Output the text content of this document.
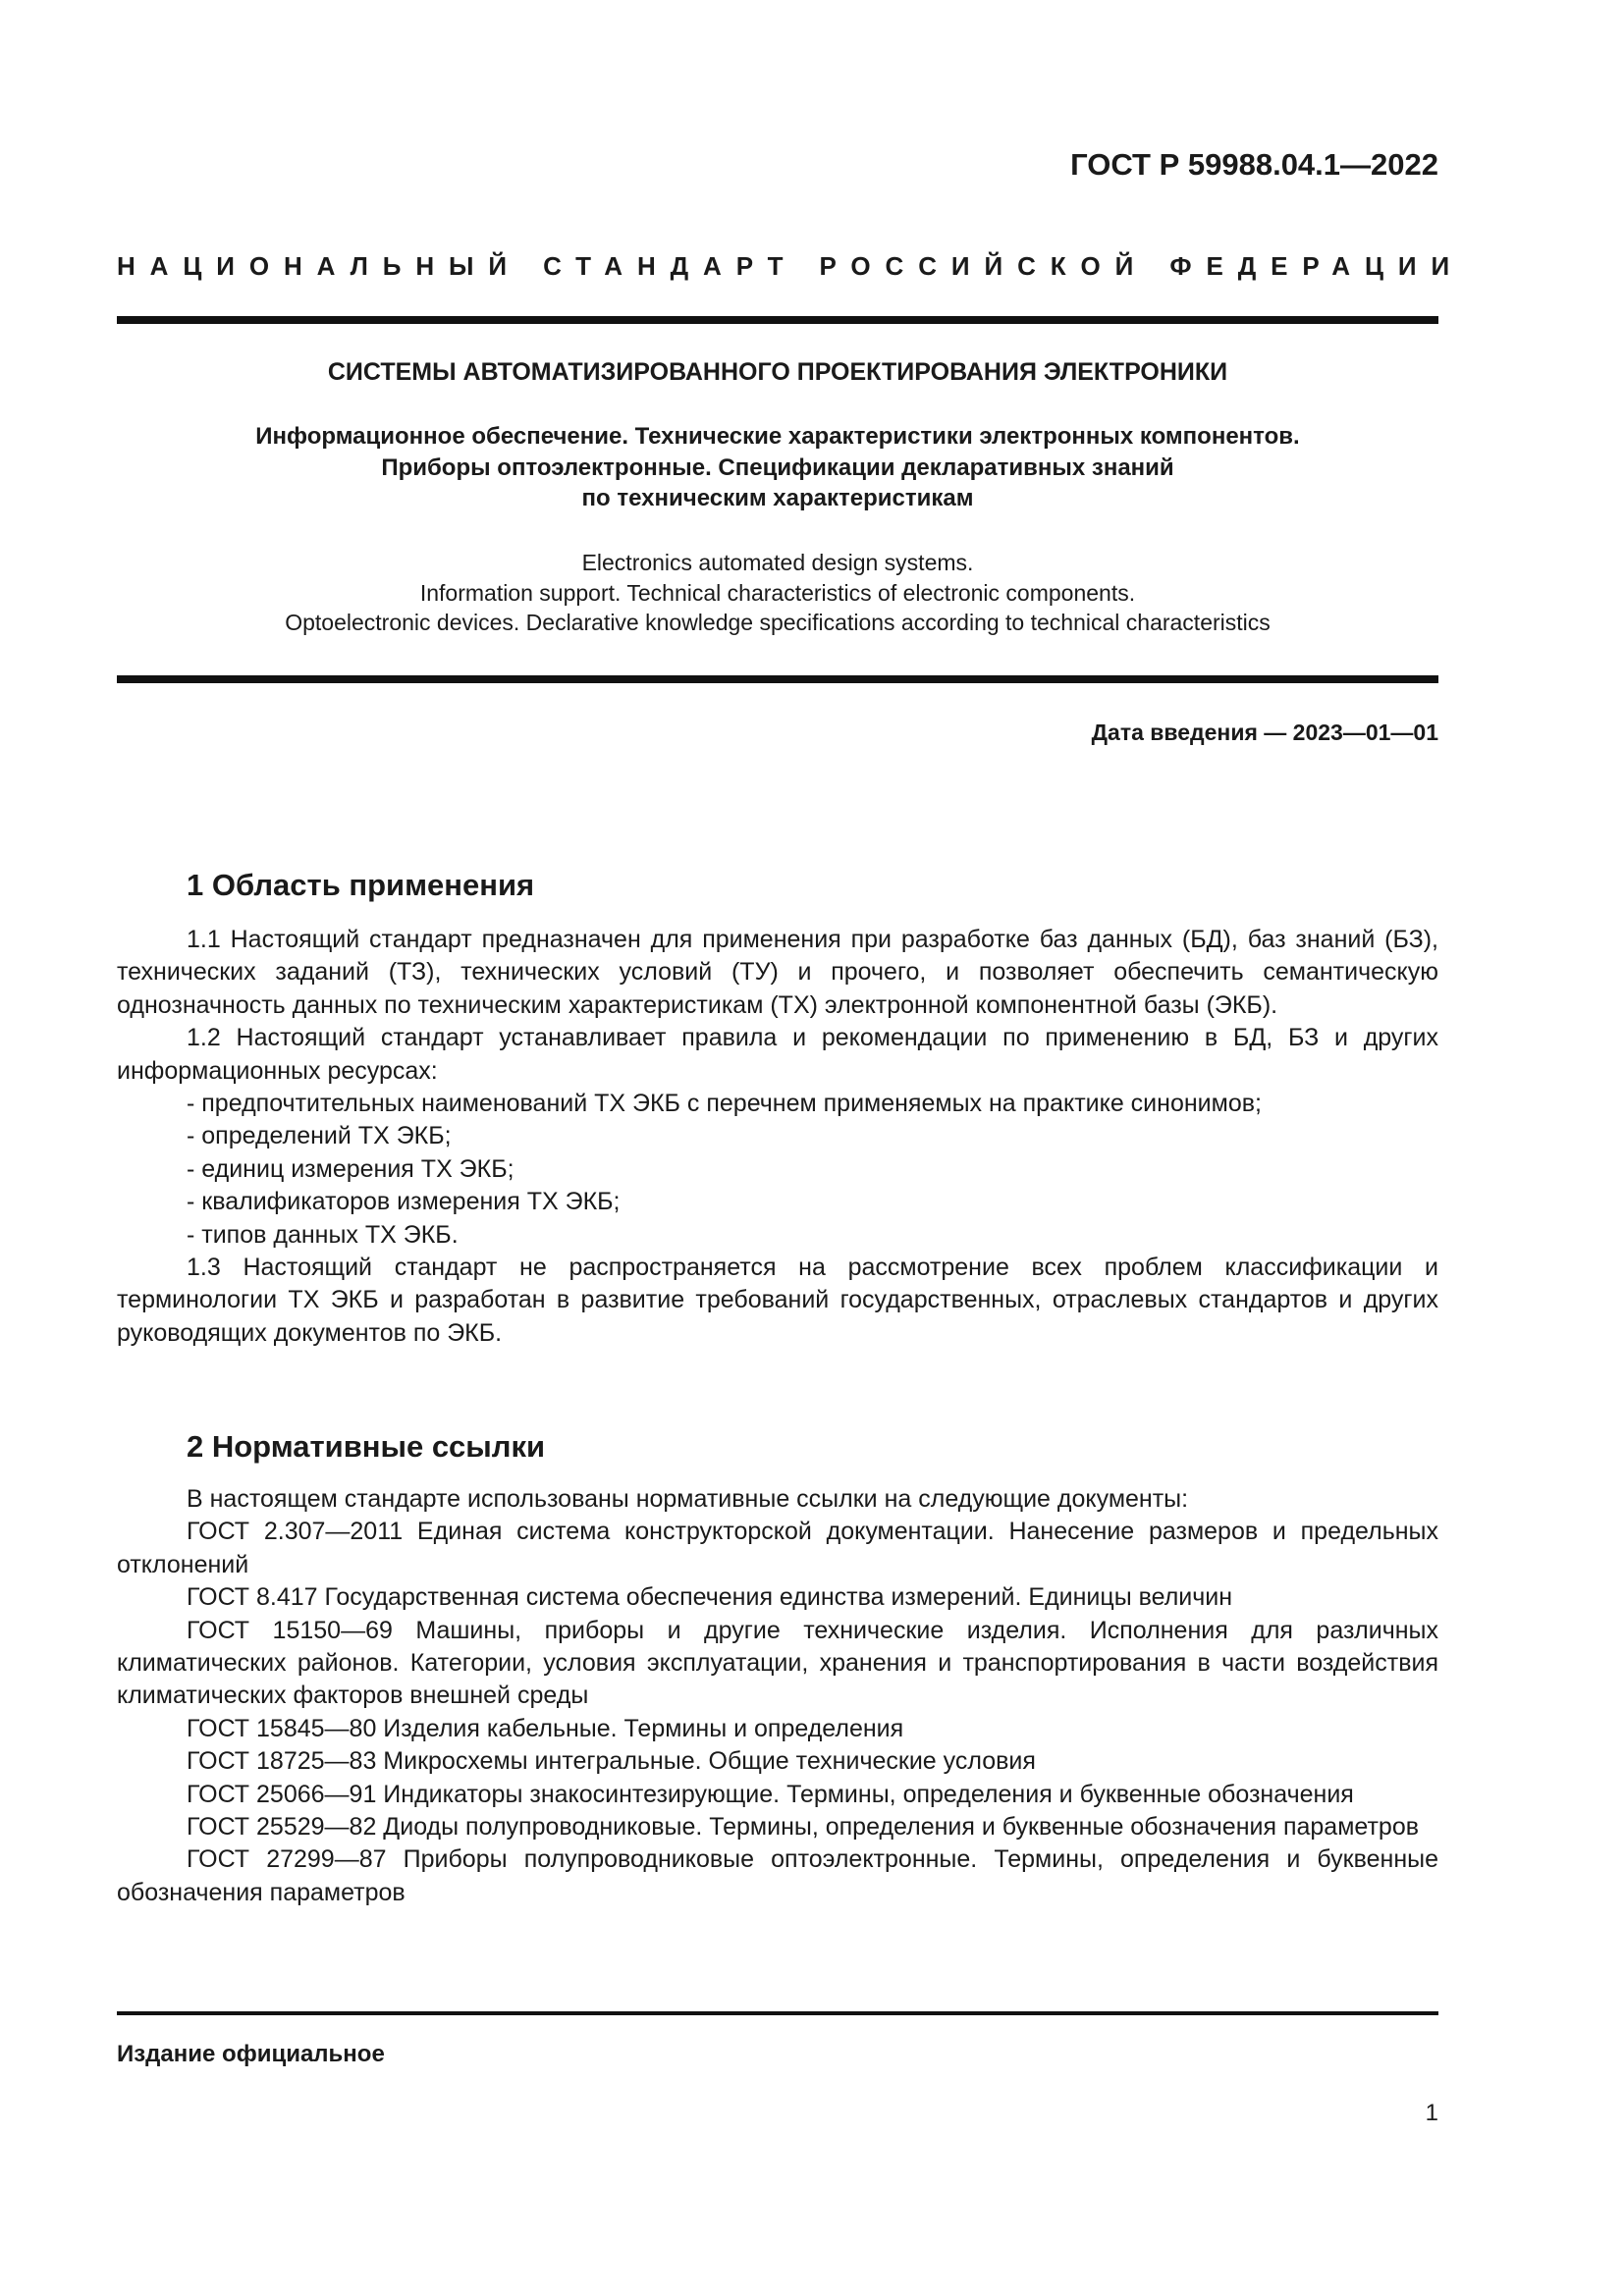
ГОСТ Р 59988.04.1—2022
НАЦИОНАЛЬНЫЙ СТАНДАРТ РОССИЙСКОЙ ФЕДЕРАЦИИ
СИСТЕМЫ АВТОМАТИЗИРОВАННОГО ПРОЕКТИРОВАНИЯ ЭЛЕКТРОНИКИ
Информационное обеспечение. Технические характеристики электронных компонентов.
Приборы оптоэлектронные. Спецификации декларативных знаний
по техническим характеристикам
Electronics automated design systems.
Information support. Technical characteristics of electronic components.
Optoelectronic devices. Declarative knowledge specifications according to technical characteristics
Дата введения — 2023—01—01
1 Область применения

1.1 Настоящий стандарт предназначен для применения при разработке баз данных (БД), баз знаний (БЗ), технических заданий (ТЗ), технических условий (ТУ) и прочего, и позволяет обеспечить семантическую однозначность данных по техническим характеристикам (ТХ) электронной компонентной базы (ЭКБ).

1.2 Настоящий стандарт устанавливает правила и рекомендации по применению в БД, БЗ и других информационных ресурсах:

- предпочтительных наименований ТХ ЭКБ с перечнем применяемых на практике синонимов;

- определений ТХ ЭКБ;

- единиц измерения ТХ ЭКБ;

- квалификаторов измерения ТХ ЭКБ;

- типов данных ТХ ЭКБ.

1.3 Настоящий стандарт не распространяется на рассмотрение всех проблем классификации и терминологии ТХ ЭКБ и разработан в развитие требований государственных, отраслевых стандартов и других руководящих документов по ЭКБ.

2 Нормативные ссылки

В настоящем стандарте использованы нормативные ссылки на следующие документы:

ГОСТ 2.307—2011 Единая система конструкторской документации. Нанесение размеров и предельных отклонений

ГОСТ 8.417 Государственная система обеспечения единства измерений. Единицы величин

ГОСТ 15150—69 Машины, приборы и другие технические изделия. Исполнения для различных климатических районов. Категории, условия эксплуатации, хранения и транспортирования в части воздействия климатических факторов внешней среды

ГОСТ 15845—80 Изделия кабельные. Термины и определения

ГОСТ 18725—83 Микросхемы интегральные. Общие технические условия

ГОСТ 25066—91 Индикаторы знакосинтезирующие. Термины, определения и буквенные обозначения

ГОСТ 25529—82 Диоды полупроводниковые. Термины, определения и буквенные обозначения параметров

ГОСТ 27299—87 Приборы полупроводниковые оптоэлектронные. Термины, определения и буквенные обозначения параметров

Издание официальное
1
